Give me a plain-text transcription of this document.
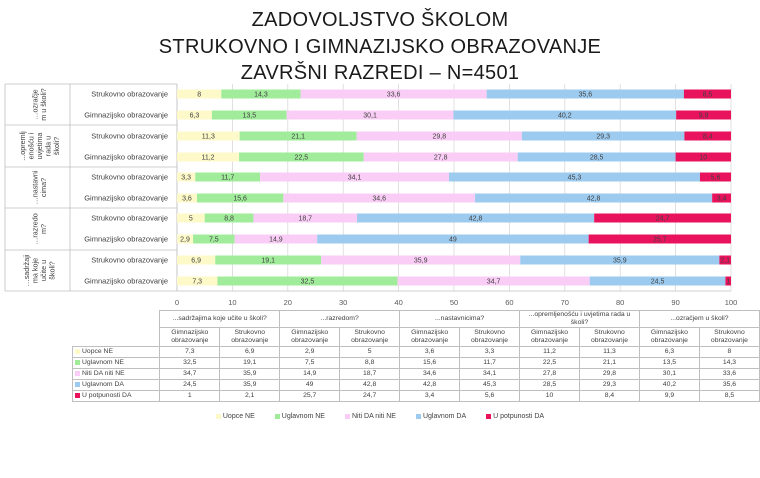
ZADOVOLJSTVO ŠKOLOM
STRUKOVNO I GIMNAZIJSKO OBRAZOVANJE
ZAVRŠNI RAZREDI – N=4501
0	10	20	30	40	50	60	70	80	90	100
…ozračje m u školi?	Strukovno obrazovanje	8	14,3	33,6	35,6	8,5
Gimnazijsko obrazovanje	6,3	13,5	30,1	40,2	9,9
...opremlj enošću i uvjetima rada u školi?
Strukovno obrazovanje	11,3	21,1	29,8	29,3	8,4
Gimnazijsko obrazovanje	11,2	22,5	27,8	28,5	10
…nastavni cima?
Strukovno obrazovanje 3,3	11,7	34,1	45,3	5,6
Gimnazijsko obrazovanje 3,6	15,6	34,6	42,8	3,4
…razredo m?
Strukovno obrazovanje	5	8,8	18,7	42,8	24,7
Gimnazijsko obrazovanje 2,9	7,5	14,9	49	25,7
…sadržaji ma koje učite u školi?
Strukovno obrazovanje	6,9	19,1	35,9	35,9	2,1
Gimnazijsko obrazovanje	7,3	32,5	34,7	24,5	1
	...sadržajima koje učite u školi?		...razredom?		...nastavnicima?		...opremljenošću i uvjetima rada u školi?		...ozračjem u školi?	
	Gimnazijsko
obrazovanje	Strukovno
obrazovanje	Gimnazijsko
obrazovanje	Strukovno
obrazovanje	Gimnazijsko
obrazovanje	Strukovno
obrazovanje	Gimnazijsko
obrazovanje	Strukovno
obrazovanje	Gimnazijsko
obrazovanje	Strukovno
obrazovanje
Uopce NE	7,3	6,9	2,9	5	3,6	3,3	11,2	11,3	6,3	8
Uglavnom NE	32,5	19,1	7,5	8,8	15,6	11,7	22,5	21,1	13,5	14,3
Niti DA niti NE	34,7	35,9	14,9	18,7	34,6	34,1	27,8	29,8	30,1	33,6
Uglavnom DA	24,5	35,9	49	42,8	42,8	45,3	28,5	29,3	40,2	35,6
U potpunosti DA	1	2,1	25,7	24,7	3,4	5,6	10	8,4	9,9	8,5
Uopce NE	Uglavnom NE	Niti DA niti NE	Uglavnom DA	U potpunosti DA
